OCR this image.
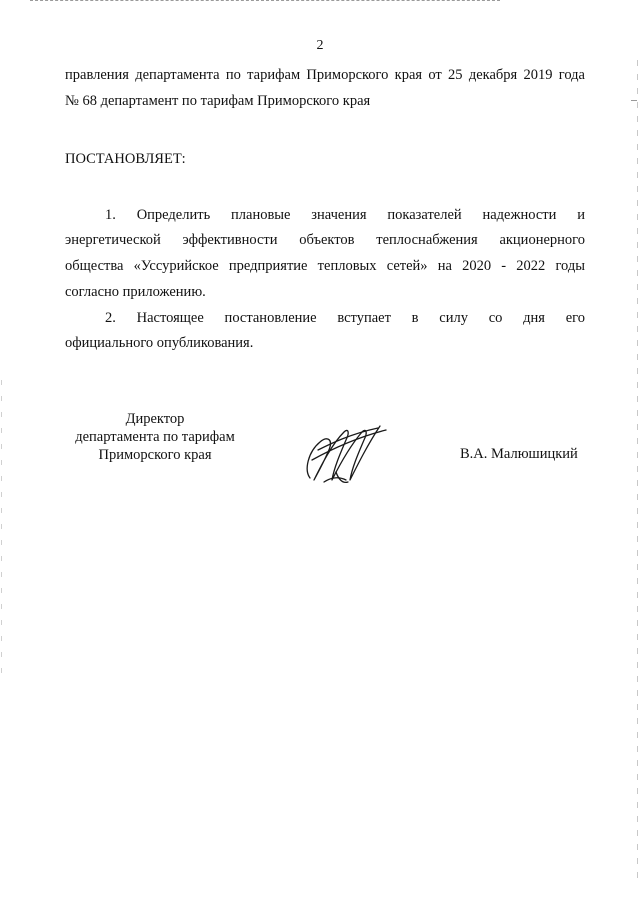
2
правления департамента по тарифам Приморского края от 25 декабря 2019 года
№ 68 департамент по тарифам Приморского края
ПОСТАНОВЛЯЕТ:
1. Определить плановые значения показателей надежности и
энергетической эффективности объектов теплоснабжения акционерного
общества «Уссурийское предприятие тепловых сетей» на 2020 - 2022 годы
согласно приложению.
2. Настоящее постановление вступает в силу со дня его
официального опубликования.
Директор
департамента по тарифам
Приморского края	В.А. Малюшицкий
